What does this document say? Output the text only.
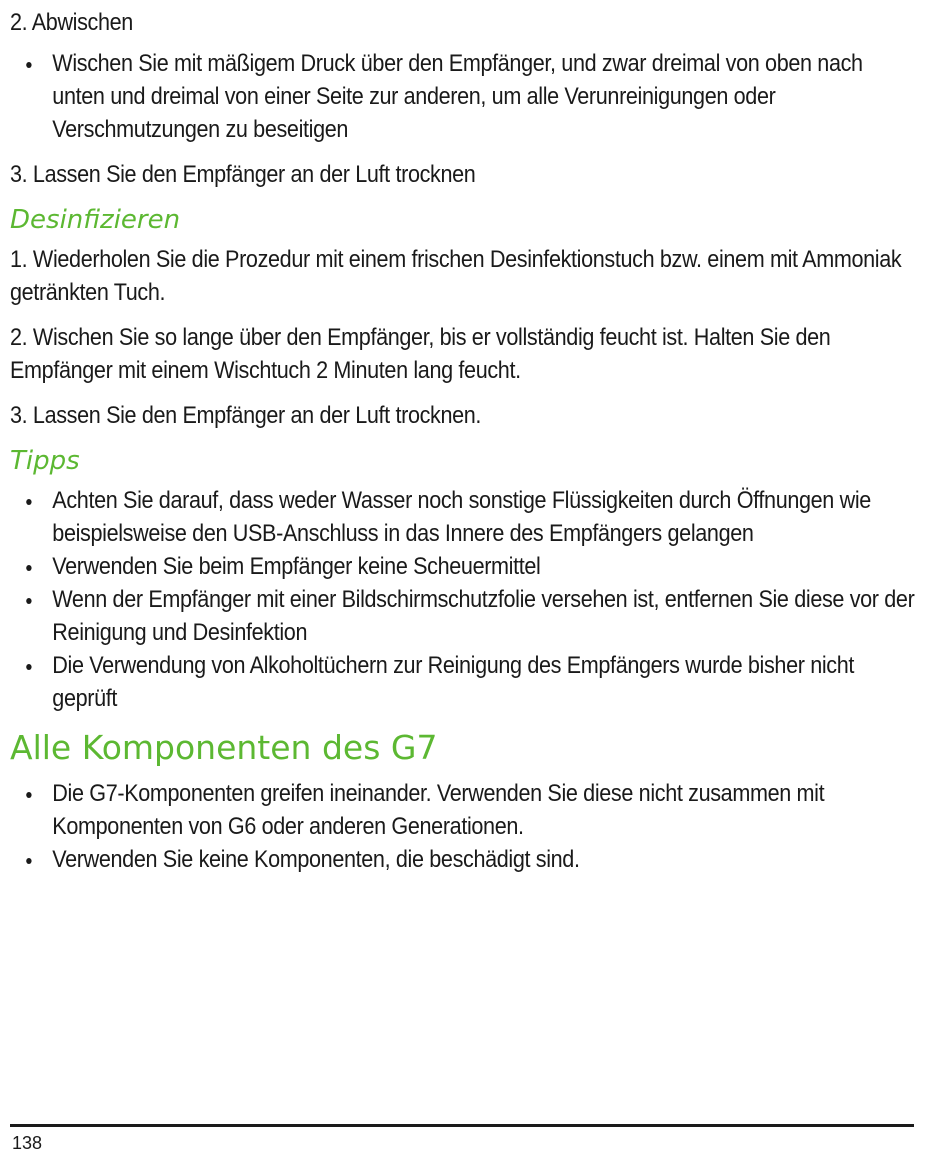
2. Abwischen
Wischen Sie mit mäßigem Druck über den Empfänger, und zwar dreimal von oben nach unten und dreimal von einer Seite zur anderen, um alle Verunreinigungen oder Verschmutzungen zu beseitigen
3. Lassen Sie den Empfänger an der Luft trocknen
Desinfizieren
1. Wiederholen Sie die Prozedur mit einem frischen Desinfektionstuch bzw. einem mit Ammoniak getränkten Tuch.
2. Wischen Sie so lange über den Empfänger, bis er vollständig feucht ist. Halten Sie den Empfänger mit einem Wischtuch 2 Minuten lang feucht.
3. Lassen Sie den Empfänger an der Luft trocknen.
Tipps
Achten Sie darauf, dass weder Wasser noch sonstige Flüssigkeiten durch Öffnungen wie beispielsweise den USB-Anschluss in das Innere des Empfängers gelangen
Verwenden Sie beim Empfänger keine Scheuermittel
Wenn der Empfänger mit einer Bildschirmschutzfolie versehen ist, entfernen Sie diese vor der Reinigung und Desinfektion
Die Verwendung von Alkoholtüchern zur Reinigung des Empfängers wurde bisher nicht geprüft
Alle Komponenten des G7
Die G7-Komponenten greifen ineinander. Verwenden Sie diese nicht zusammen mit Komponenten von G6 oder anderen Generationen.
Verwenden Sie keine Komponenten, die beschädigt sind.
138
